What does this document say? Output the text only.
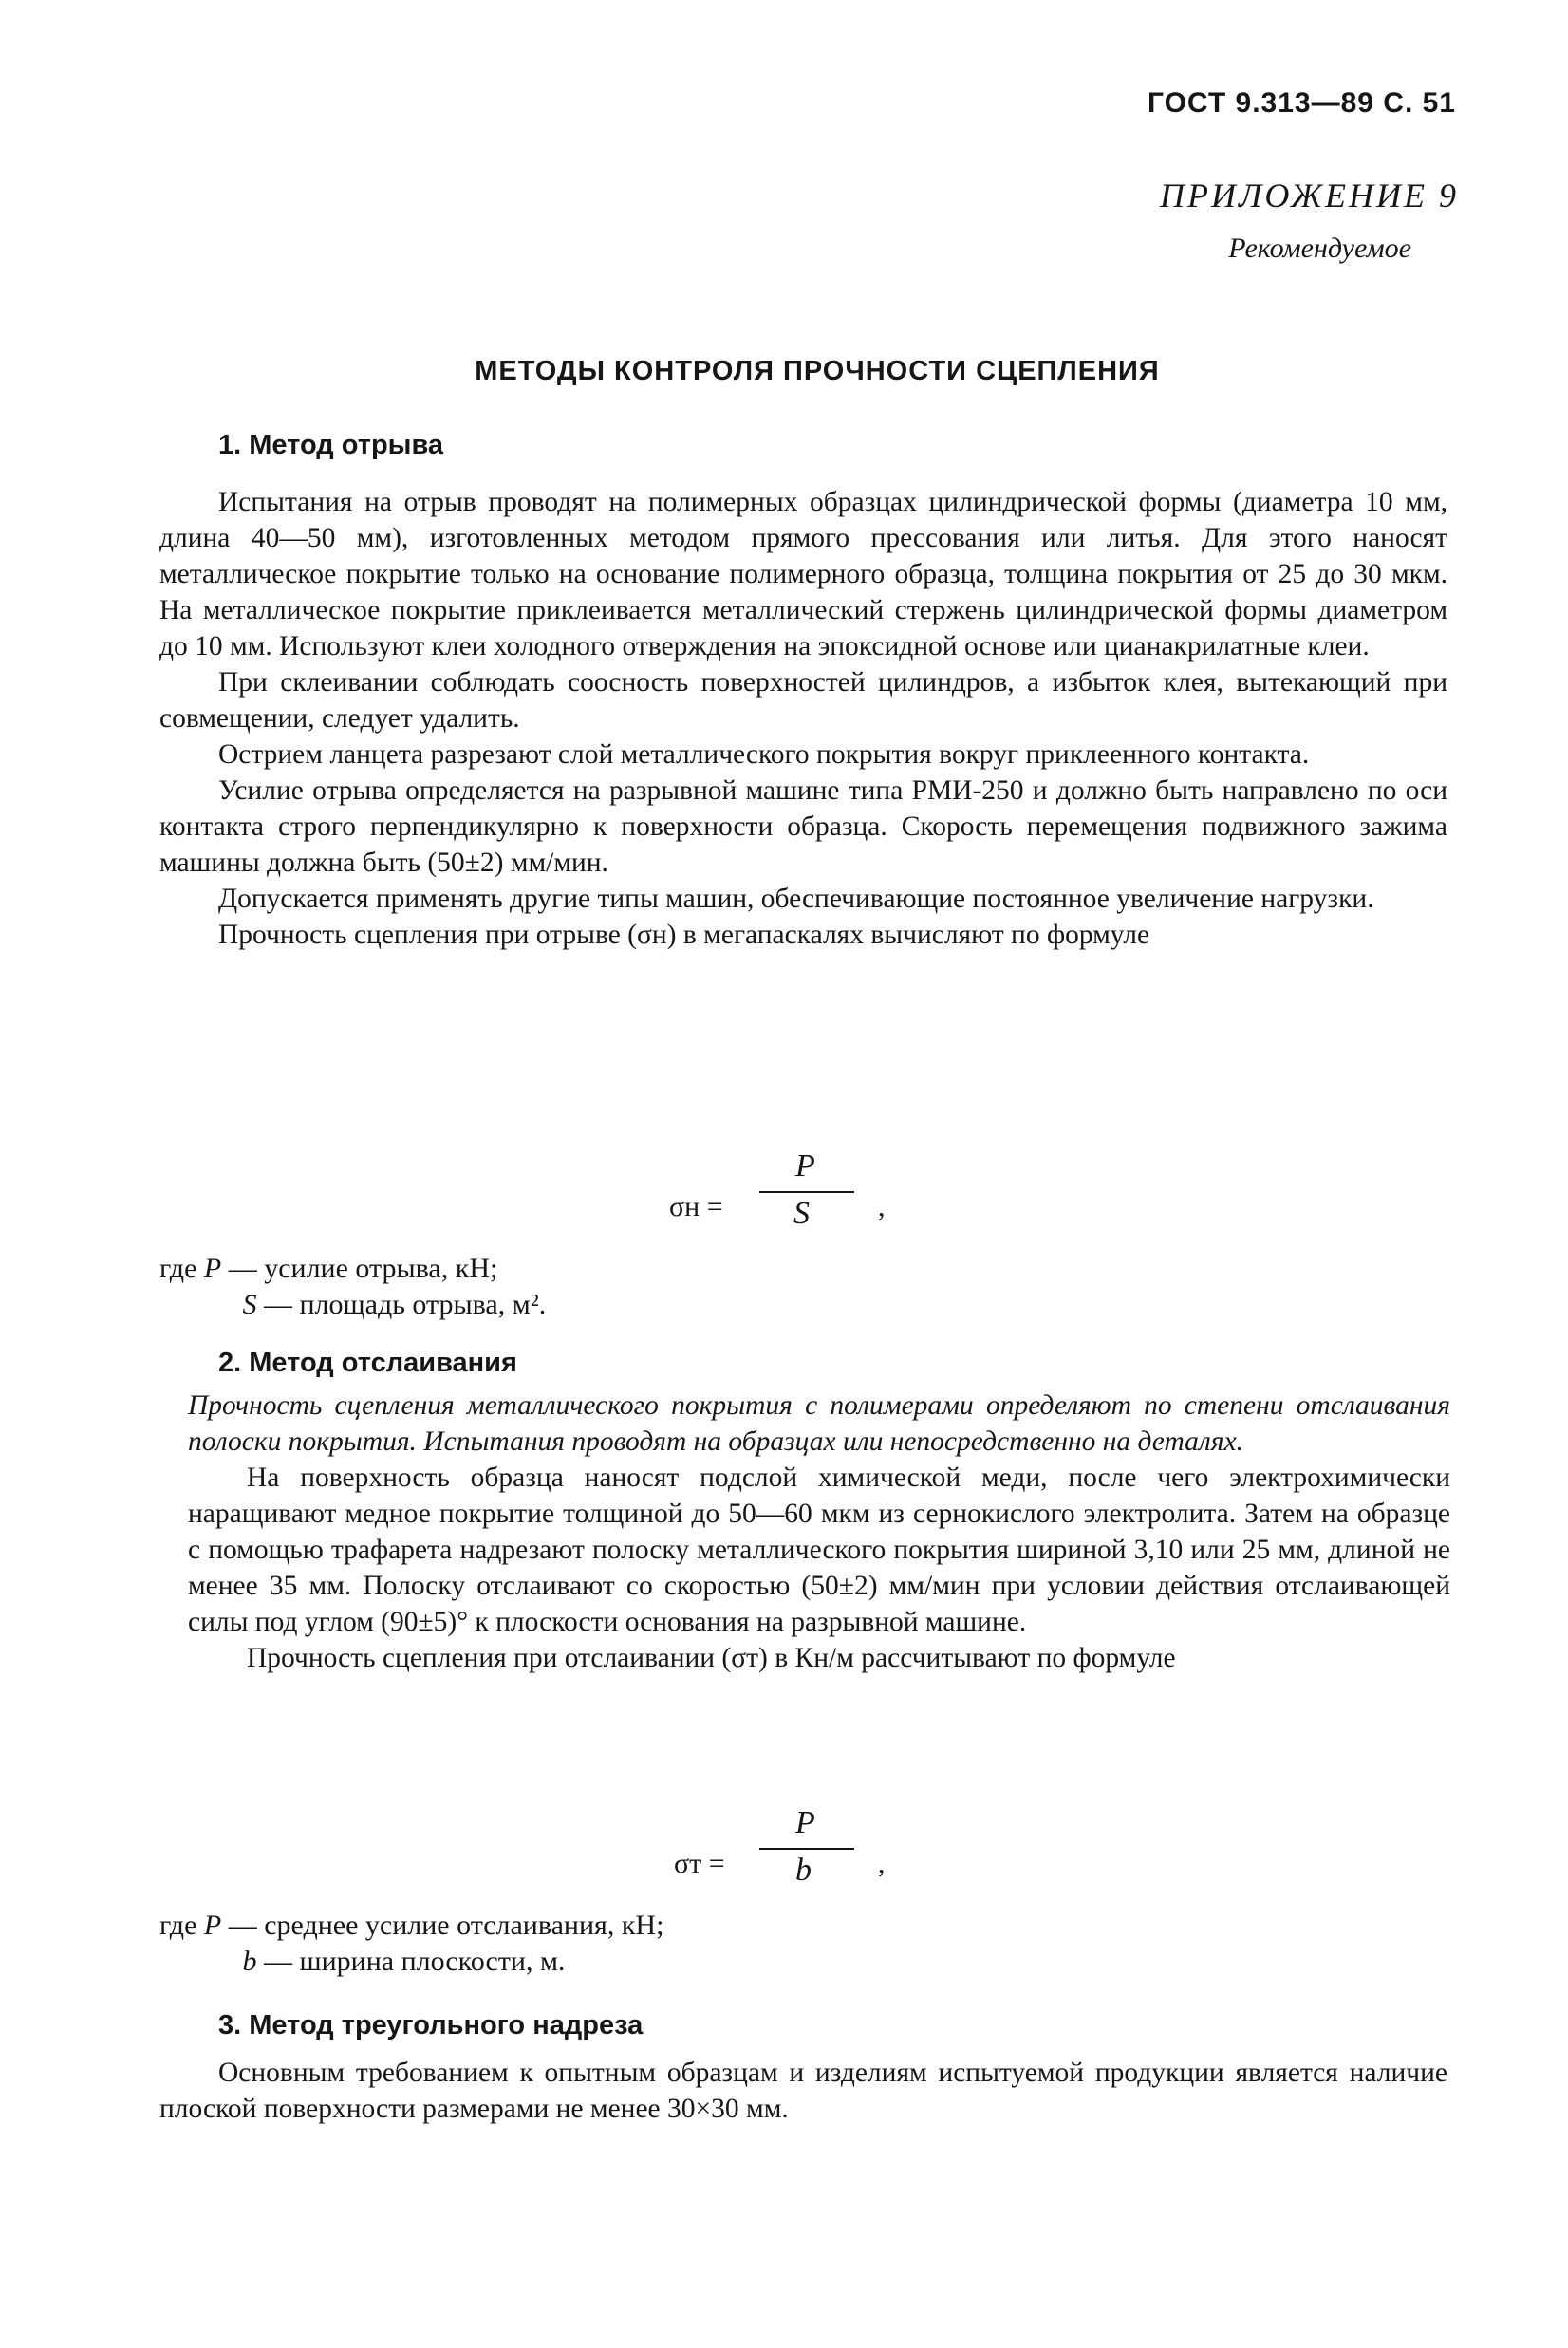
ГОСТ 9.313—89 С. 51
ПРИЛОЖЕНИЕ 9
Рекомендуемое
МЕТОДЫ КОНТРОЛЯ ПРОЧНОСТИ СЦЕПЛЕНИЯ
1. Метод отрыва

Испытания на отрыв проводят на полимерных образцах цилиндрической формы (диаметра 10 мм, длина 40—50 мм), изготовленных методом прямого прессования или литья. Для этого наносят металлическое покрытие только на основание полимерного образца, толщина покрытия от 25 до 30 мкм. На металлическое покрытие приклеивается металлический стержень цилиндрической формы диаметром до 10 мм. Используют клеи холодного отверждения на эпоксидной основе или цианакрилатные клеи.

При склеивании соблюдать соосность поверхностей цилиндров, а избыток клея, вытекающий при совмещении, следует удалить.

Острием ланцета разрезают слой металлического покрытия вокруг приклеенного контакта.

Усилие отрыва определяется на разрывной машине типа РМИ-250 и должно быть направлено по оси контакта строго перпендикулярно к поверхности образца. Скорость перемещения подвижного зажима машины должна быть (50±2) мм/мин.

Допускается применять другие типы машин, обеспечивающие постоянное увеличение нагрузки.

Прочность сцепления при отрыве (σн) в мегапаскалях вычисляют по формуле

σн =
P
S ,
где P — усилие отрыва, кН;
S — площадь отрыва, м².
2. Метод отслаивания

Прочность сцепления металлического покрытия с полимерами определяют по степени отслаивания полоски покрытия. Испытания проводят на образцах или непосредственно на деталях.

На поверхность образца наносят подслой химической меди, после чего электрохимически наращивают медное покрытие толщиной до 50—60 мкм из сернокислого электролита. Затем на образце с помощью трафарета надрезают полоску металлического покрытия шириной 3,10 или 25 мм, длиной не менее 35 мм. Полоску отслаивают со скоростью (50±2) мм/мин при условии действия отслаивающей силы под углом (90±5)° к плоскости основания на разрывной машине.

Прочность сцепления при отслаивании (σт) в Кн/м рассчитывают по формуле

σт =
P
b ,
где P — среднее усилие отслаивания, кН;
b — ширина плоскости, м.
3. Метод треугольного надреза

Основным требованием к опытным образцам и изделиям испытуемой продукции является наличие плоской поверхности размерами не менее 30×30 мм.
